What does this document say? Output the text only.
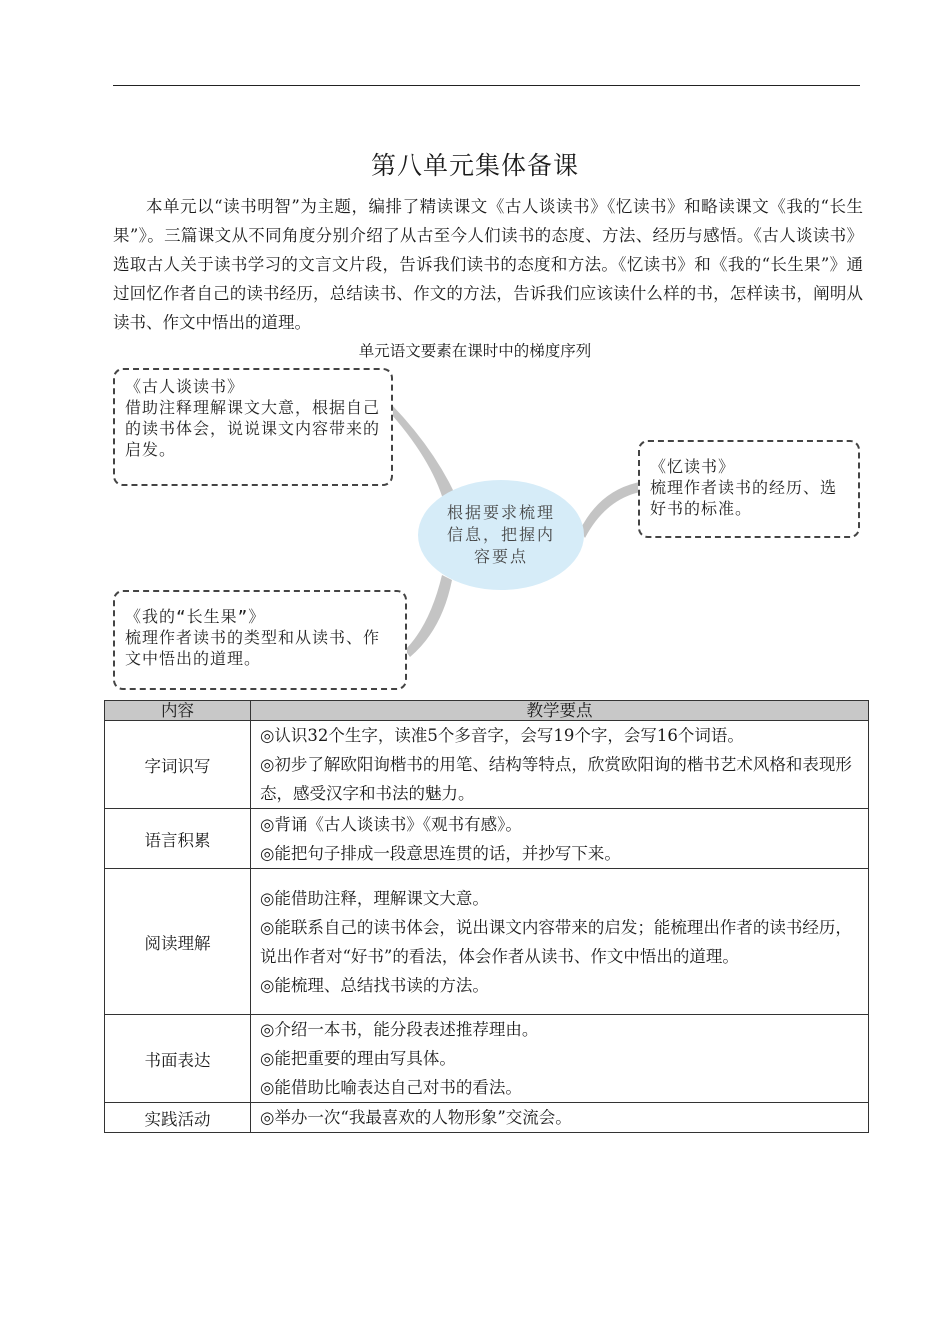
第八单元集体备课

本单元以“读书明智”为主题，编排了精读课文《古人谈读书》《忆读书》和略读课文《我的“长生果”》。三篇课文从不同角度分别介绍了从古至今人们读书的态度、方法、经历与感悟。《古人谈读书》选取古人关于读书学习的文言文片段，告诉我们读书的态度和方法。《忆读书》和《我的“长生果”》通过回忆作者自己的读书经历，总结读书、作文的方法，告诉我们应该读什么样的书，怎样读书，阐明从读书、作文中悟出的道理。

单元语文要素在课时中的梯度序列
《古人谈读书》
借助注释理解课文大意，根据自己的读书体会，说说课文内容带来的启发。
《忆读书》
梳理作者读书的经历、选好书的标准。
《我的“长生果”》
梳理作者读书的类型和从读书、作文中悟出的道理。
根据要求梳理信息，把握内容要点
内容	教学要点
字词识写	◎认识32个生字，读准5个多音字，会写19个字，会写16个词语。
◎初步了解欧阳询楷书的用笔、结构等特点，欣赏欧阳询的楷书艺术风格和表现形态，感受汉字和书法的魅力。

语言积累	◎背诵《古人谈读书》《观书有感》。
◎能把句子排成一段意思连贯的话，并抄写下来。

阅读理解	◎能借助注释，理解课文大意。
◎能联系自己的读书体会，说出课文内容带来的启发；能梳理出作者的读书经历，说出作者对“好书”的看法，体会作者从读书、作文中悟出的道理。
◎能梳理、总结找书读的方法。

书面表达	◎介绍一本书，能分段表述推荐理由。
◎能把重要的理由写具体。
◎能借助比喻表达自己对书的看法。

实践活动	◎举办一次“我最喜欢的人物形象”交流会。
